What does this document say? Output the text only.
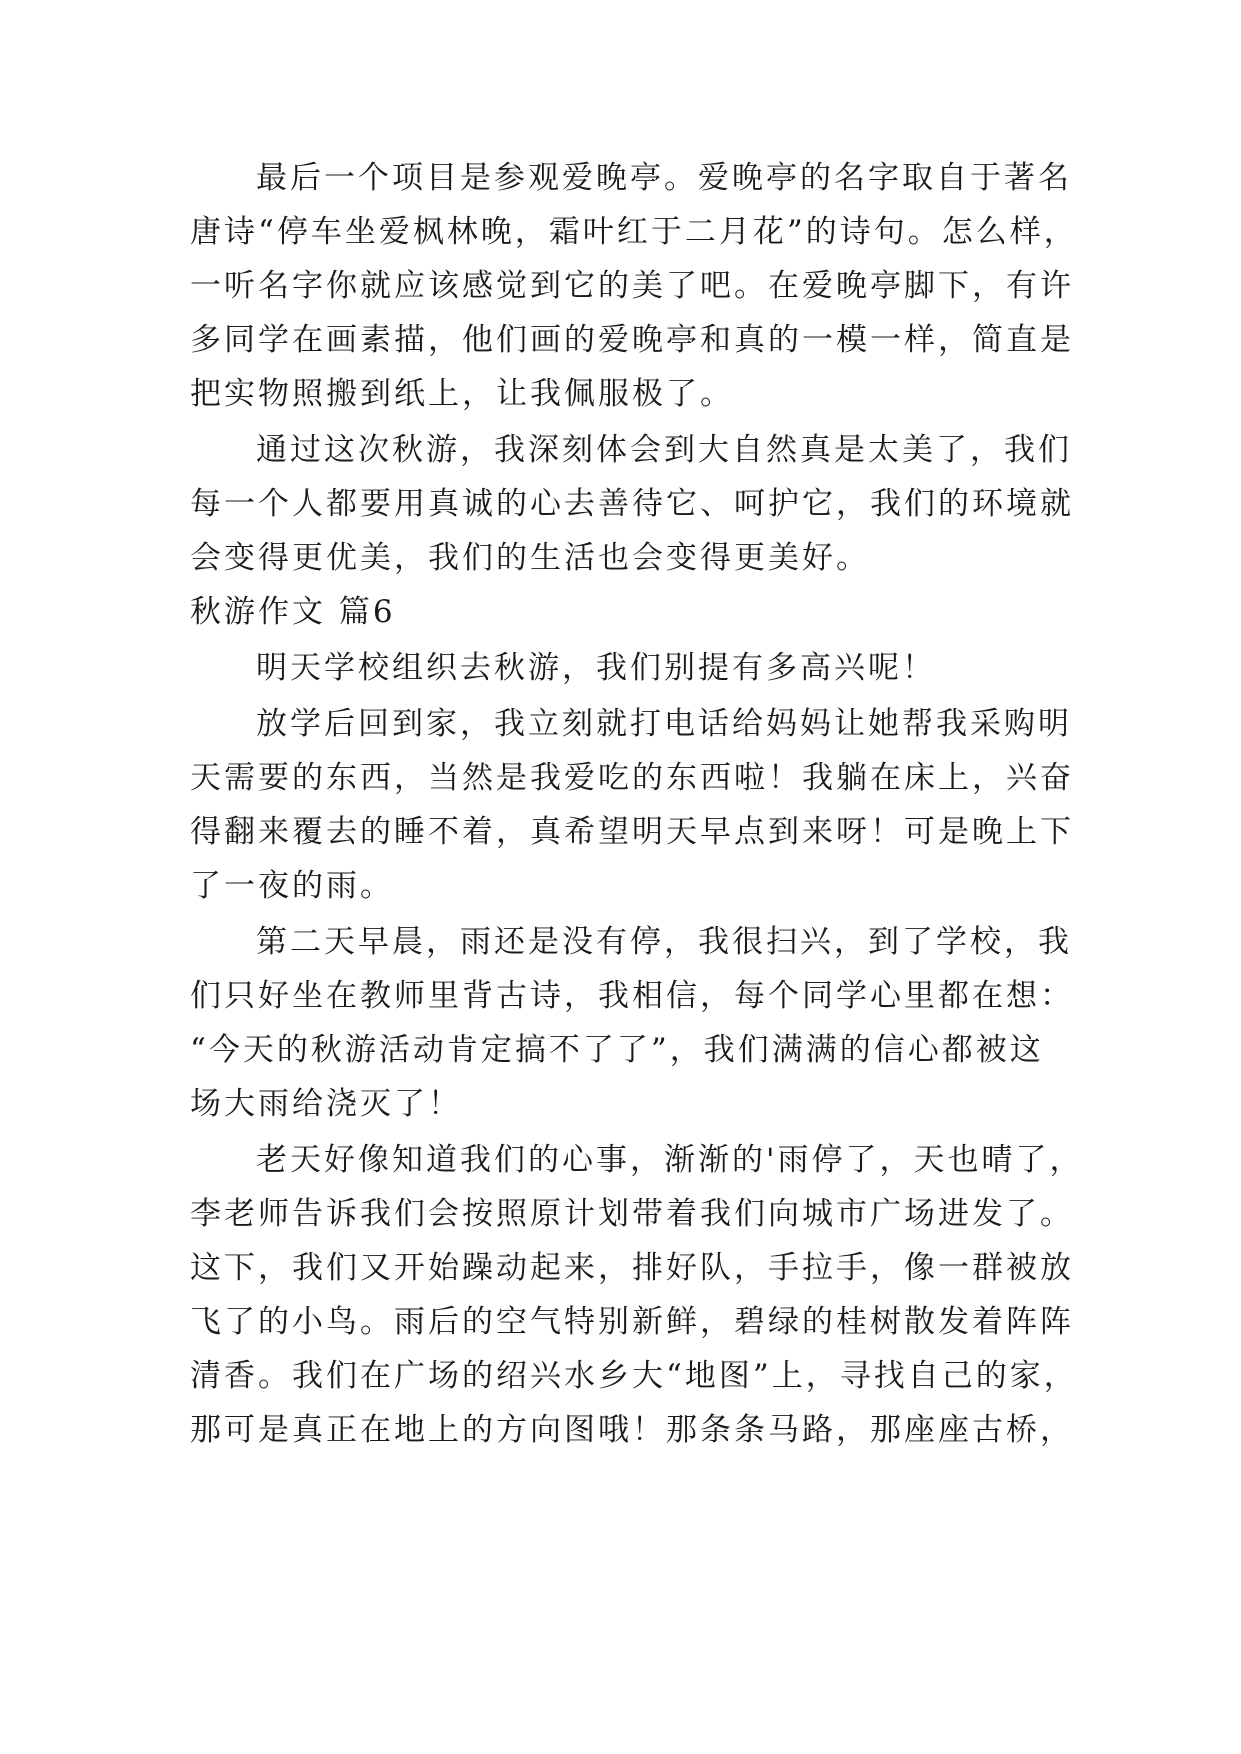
最后一个项目是参观爱晚亭。爱晚亭的名字取自于著名
唐诗“停车坐爱枫林晚，霜叶红于二月花”的诗句。怎么样，
一听名字你就应该感觉到它的美了吧。在爱晚亭脚下，有许
多同学在画素描，他们画的爱晚亭和真的一模一样，简直是
把实物照搬到纸上，让我佩服极了。
通过这次秋游，我深刻体会到大自然真是太美了，我们
每一个人都要用真诚的心去善待它、呵护它，我们的环境就
会变得更优美，我们的生活也会变得更美好。
秋游作文 篇6
明天学校组织去秋游，我们别提有多高兴呢！
放学后回到家，我立刻就打电话给妈妈让她帮我采购明
天需要的东西，当然是我爱吃的东西啦！我躺在床上，兴奋
得翻来覆去的睡不着，真希望明天早点到来呀！可是晚上下
了一夜的雨。
第二天早晨，雨还是没有停，我很扫兴，到了学校，我
们只好坐在教师里背古诗，我相信，每个同学心里都在想：
“今天的秋游活动肯定搞不了了”，我们满满的信心都被这
场大雨给浇灭了！
老天好像知道我们的心事，渐渐的'雨停了，天也晴了，
李老师告诉我们会按照原计划带着我们向城市广场进发了。
这下，我们又开始躁动起来，排好队，手拉手，像一群被放
飞了的小鸟。雨后的空气特别新鲜，碧绿的桂树散发着阵阵
清香。我们在广场的绍兴水乡大“地图”上，寻找自己的家，
那可是真正在地上的方向图哦！那条条马路，那座座古桥，
